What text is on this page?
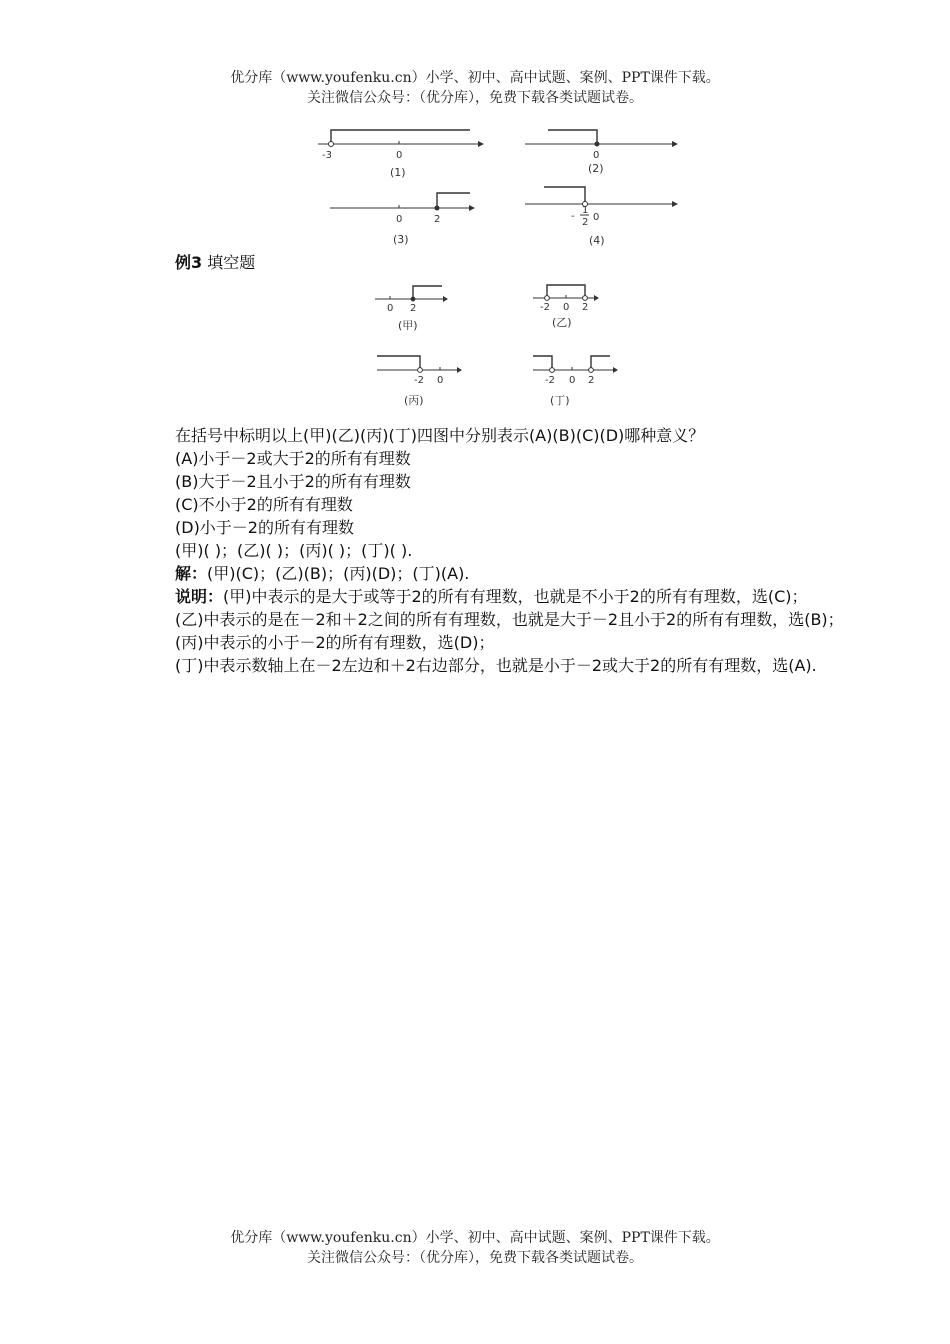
优分库（www.youfenku.cn）小学、初中、高中试题、案例、PPT课件下载。
关注微信公众号：（优分库），免费下载各类试题试卷。
-3	0
(1)
0
(2)
0	2
(3)
-
1
2 0
(4)
例3 填空题
0 2
(甲)
-2 0 2
(乙)
-2 0
(丙)
-2 0 2
(丁)

在括号中标明以上(甲)(乙)(丙)(丁)四图中分别表示(A)(B)(C)(D)哪种意义？

(A)小于－2或大于2的所有有理数

(B)大于－2且小于2的所有有理数

(C)不小于2的所有有理数

(D)小于－2的所有有理数

(甲)( )；(乙)( )；(丙)( )；(丁)( ).

解：(甲)(C)；(乙)(B)；(丙)(D)；(丁)(A).

说明：(甲)中表示的是大于或等于2的所有有理数，也就是不小于2的所有有理数，选(C)；

(乙)中表示的是在－2和＋2之间的所有有理数，也就是大于－2且小于2的所有有理数，选(B)；

(丙)中表示的小于－2的所有有理数，选(D)；

(丁)中表示数轴上在－2左边和＋2右边部分，也就是小于－2或大于2的所有有理数，选(A).

优分库（www.youfenku.cn）小学、初中、高中试题、案例、PPT课件下载。
关注微信公众号：（优分库），免费下载各类试题试卷。
